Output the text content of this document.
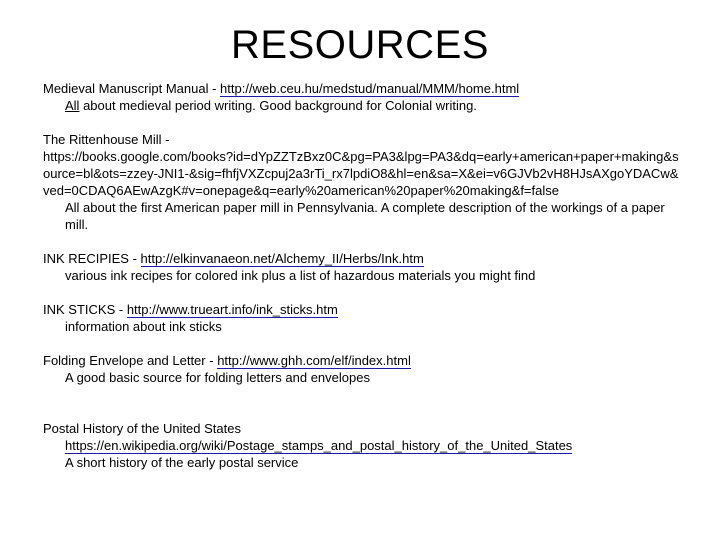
RESOURCES
Medieval Manuscript Manual - http://web.ceu.hu/medstud/manual/MMM/home.html
All about medieval period writing. Good background for Colonial writing.
The Rittenhouse Mill -
https://books.google.com/books?id=dYpZZTzBxz0C&pg=PA3&lpg=PA3&dq=early+american+paper+making&source=bl&ots=zzey-JNI1-&sig=fhfjVXZcpuj2a3rTi_rx7lpdiO8&hl=en&sa=X&ei=v6GJVb2vH8HJsAXgoYDACw&ved=0CDAQ6AEwAzgK#v=onepage&q=early%20american%20paper%20making&f=false
All about the first American paper mill in Pennsylvania. A complete description of the workings of a paper mill.
INK RECIPIES - http://elkinvanaeon.net/Alchemy_II/Herbs/Ink.htm
various ink recipes for colored ink plus a list of hazardous materials you might find
INK STICKS - http://www.trueart.info/ink_sticks.htm
information about ink sticks
Folding Envelope and Letter - http://www.ghh.com/elf/index.html
A good basic source for folding letters and envelopes
Postal History of the United States
https://en.wikipedia.org/wiki/Postage_stamps_and_postal_history_of_the_United_States
A short history of the early postal service
